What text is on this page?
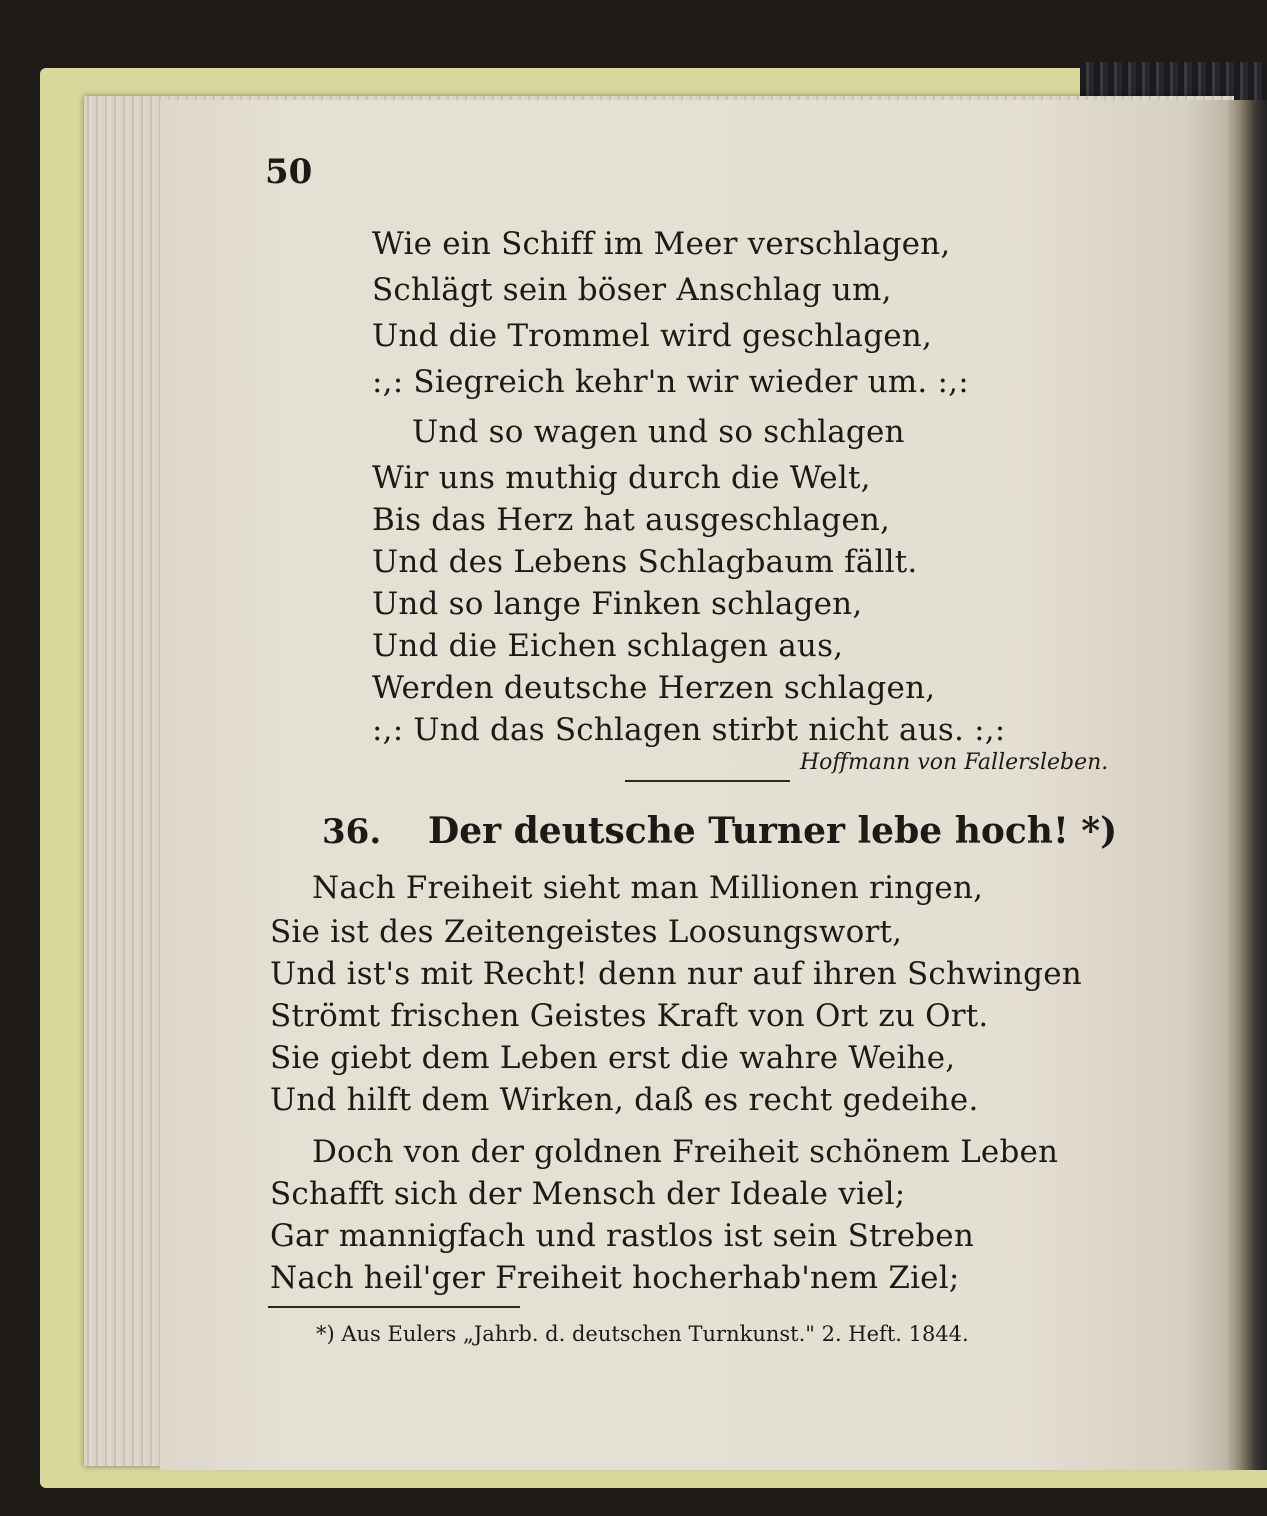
50
Wie ein Schiff im Meer verschlagen,
Schlägt sein böser Anschlag um,
Und die Trommel wird geschlagen,
:,: Siegreich kehr'n wir wieder um. :,:
Und so wagen und so schlagen
Wir uns muthig durch die Welt,
Bis das Herz hat ausgeschlagen,
Und des Lebens Schlagbaum fällt.
Und so lange Finken schlagen,
Und die Eichen schlagen aus,
Werden deutsche Herzen schlagen,
:,: Und das Schlagen stirbt nicht aus. :,:
Hoffmann von Fallersleben.
36. Der deutsche Turner lebe hoch! *)
Nach Freiheit sieht man Millionen ringen,
Sie ist des Zeitengeistes Loosungswort,
Und ist's mit Recht! denn nur auf ihren Schwingen
Strömt frischen Geistes Kraft von Ort zu Ort.
Sie giebt dem Leben erst die wahre Weihe,
Und hilft dem Wirken, daß es recht gedeihe.
Doch von der goldnen Freiheit schönem Leben
Schafft sich der Mensch der Ideale viel;
Gar mannigfach und rastlos ist sein Streben
Nach heil'ger Freiheit hocherhab'nem Ziel;
*) Aus Eulers „Jahrb. d. deutschen Turnkunst." 2. Heft. 1844.
